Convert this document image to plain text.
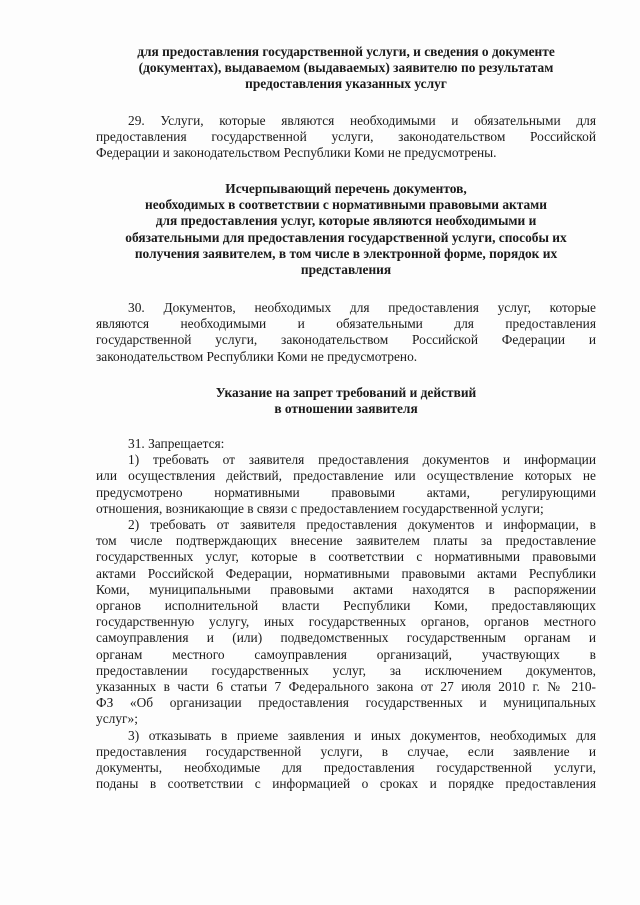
для предоставления государственной услуги, и сведения о документе
(документах), выдаваемом (выдаваемых) заявителю по результатам
предоставления указанных услуг
29. Услуги, которые являются необходимыми и обязательными для
предоставления государственной услуги, законодательством Российской
Федерации и законодательством Республики Коми не предусмотрены.
Исчерпывающий перечень документов,
необходимых в соответствии с нормативными правовыми актами
для предоставления услуг, которые являются необходимыми и
обязательными для предоставления государственной услуги, способы их
получения заявителем, в том числе в электронной форме, порядок их
представления
30. Документов, необходимых для предоставления услуг, которые
являются необходимыми и обязательными для предоставления
государственной услуги, законодательством Российской Федерации и
законодательством Республики Коми не предусмотрено.
Указание на запрет требований и действий
в отношении заявителя
31. Запрещается:
1) требовать от заявителя предоставления документов и информации
или осуществления действий, предоставление или осуществление которых не
предусмотрено нормативными правовыми актами, регулирующими
отношения, возникающие в связи с предоставлением государственной услуги;
2) требовать от заявителя предоставления документов и информации, в
том числе подтверждающих внесение заявителем платы за предоставление
государственных услуг, которые в соответствии с нормативными правовыми
актами Российской Федерации, нормативными правовыми актами Республики
Коми, муниципальными правовыми актами находятся в распоряжении
органов исполнительной власти Республики Коми, предоставляющих
государственную услугу, иных государственных органов, органов местного
самоуправления и (или) подведомственных государственным органам и
органам местного самоуправления организаций, участвующих в
предоставлении государственных услуг, за исключением документов,
указанных в части 6 статьи 7 Федерального закона от 27 июля 2010 г. № 210-
ФЗ «Об организации предоставления государственных и муниципальных
услуг»;
3) отказывать в приеме заявления и иных документов, необходимых для
предоставления государственной услуги, в случае, если заявление и
документы, необходимые для предоставления государственной услуги,
поданы в соответствии с информацией о сроках и порядке предоставления
